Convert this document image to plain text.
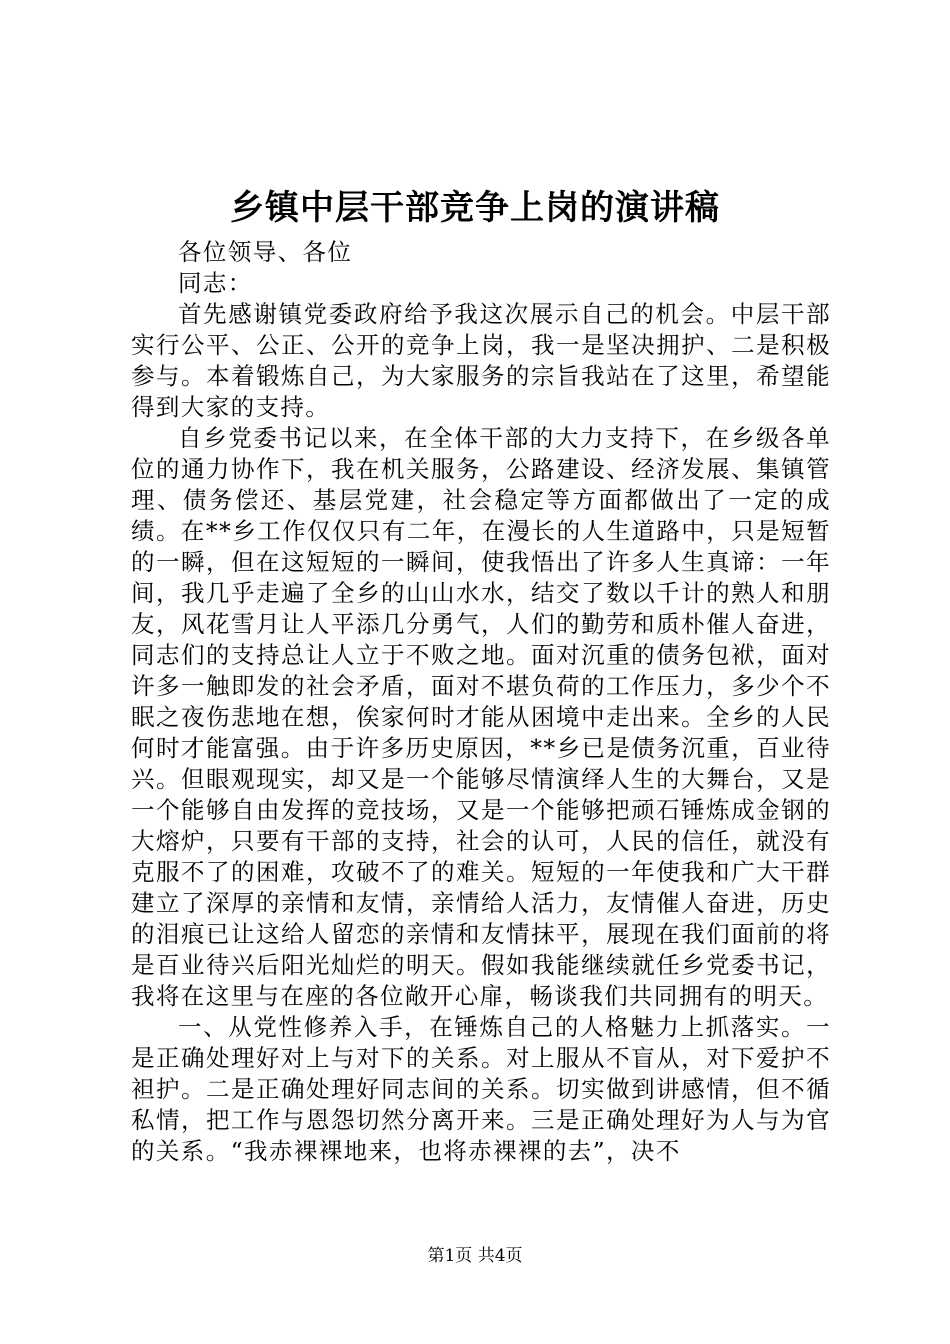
乡镇中层干部竞争上岗的演讲稿

各位领导、各位

同志：

首先感谢镇党委政府给予我这次展示自己的机会。中层干部实行公平、公正、公开的竞争上岗，我一是坚决拥护、二是积极参与。本着锻炼自己，为大家服务的宗旨我站在了这里，希望能得到大家的支持。

自乡党委书记以来，在全体干部的大力支持下，在乡级各单位的通力协作下，我在机关服务，公路建设、经济发展、集镇管理、债务偿还、基层党建，社会稳定等方面都做出了一定的成绩。在**乡工作仅仅只有二年，在漫长的人生道路中，只是短暂的一瞬，但在这短短的一瞬间，使我悟出了许多人生真谛：一年间，我几乎走遍了全乡的山山水水，结交了数以千计的熟人和朋友，风花雪月让人平添几分勇气，人们的勤劳和质朴催人奋进，同志们的支持总让人立于不败之地。面对沉重的债务包袱，面对许多一触即发的社会矛盾，面对不堪负荷的工作压力，多少个不眠之夜伤悲地在想，俟家何时才能从困境中走出来。全乡的人民何时才能富强。由于许多历史原因，**乡已是债务沉重，百业待兴。但眼观现实，却又是一个能够尽情演绎人生的大舞台，又是一个能够自由发挥的竞技场，又是一个能够把顽石锤炼成金钢的大熔炉，只要有干部的支持，社会的认可，人民的信任，就没有克服不了的困难，攻破不了的难关。短短的一年使我和广大干群建立了深厚的亲情和友情，亲情给人活力，友情催人奋进，历史的泪痕已让这给人留恋的亲情和友情抹平，展现在我们面前的将是百业待兴后阳光灿烂的明天。假如我能继续就任乡党委书记，我将在这里与在座的各位敞开心扉，畅谈我们共同拥有的明天。

一、从党性修养入手，在锤炼自己的人格魅力上抓落实。一是正确处理好对上与对下的关系。对上服从不盲从，对下爱护不袒护。二是正确处理好同志间的关系。切实做到讲感情，但不循私情，把工作与恩怨切然分离开来。三是正确处理好为人与为官的关系。“我赤裸裸地来，也将赤裸裸的去”，决不

第1页 共4页
